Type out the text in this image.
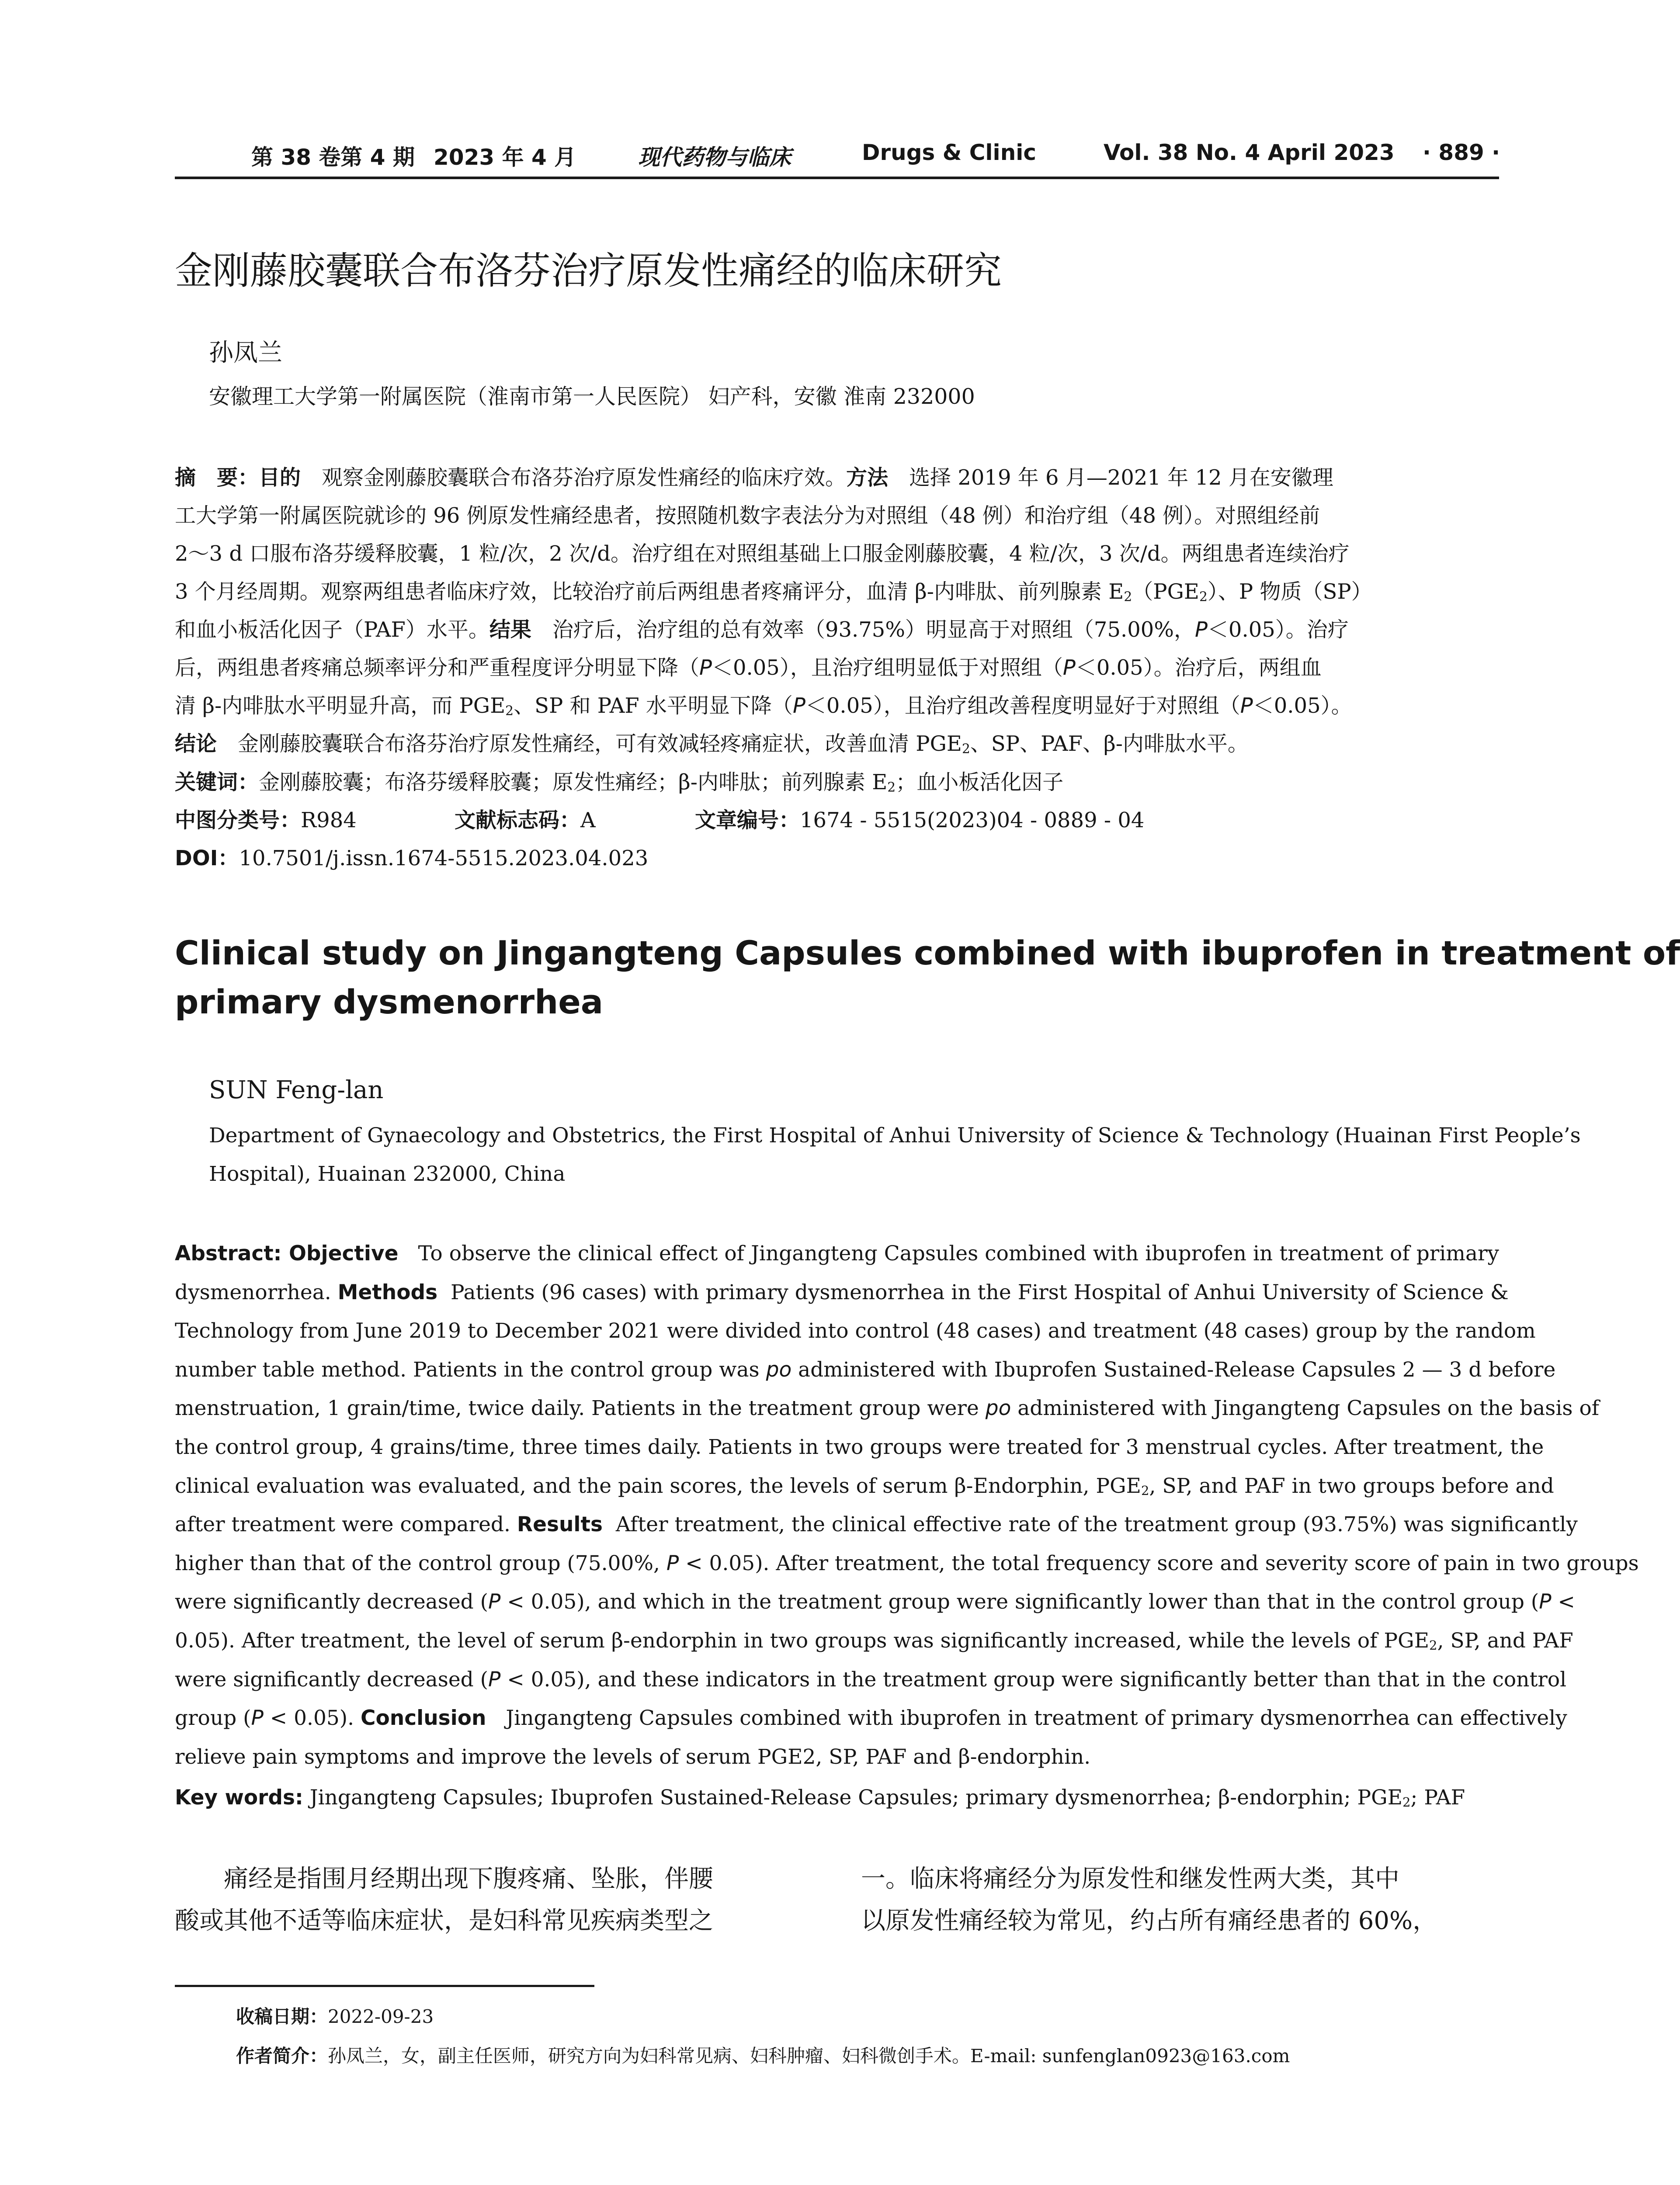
第 38 卷第 4 期 2023 年 4 月	现代药物与临床	Drugs & Clinic	Vol. 38 No. 4 April 2023 · 889 ·
金刚藤胶囊联合布洛芬治疗原发性痛经的临床研究
孙凤兰
安徽理工大学第一附属医院（淮南市第一人民医院） 妇产科，安徽 淮南 232000
摘　要：目的　 观察金刚藤胶囊联合布洛芬治疗原发性痛经的临床疗效。方法　 选择 2019 年 6 月—2021 年 12 月在安徽理
工大学第一附属医院就诊的 96 例原发性痛经患者，按照随机数字表法分为对照组（48 例）和治疗组（48 例）。对照组经前
2～3 d 口服布洛芬缓释胶囊，1 粒/次，2 次/d。治疗组在对照组基础上口服金刚藤胶囊，4 粒/次，3 次/d。两组患者连续治疗
3 个月经周期。观察两组患者临床疗效，比较治疗前后两组患者疼痛评分，血清 β-内啡肽、前列腺素 $E_2(PGE_2)$、P 物质（SP）
和血小板活化因子（PAF）水平。结果　 治疗后，治疗组的总有效率（93.75%）明显高于对照组（75.00%，P＜0.05）。治疗
后，两组患者疼痛总频率评分和严重程度评分明显下降（P＜0.05），且治疗组明显低于对照组（P＜0.05）。治疗后，两组血
清 β-内啡肽水平明显升高，而 $PGE_2$、SP 和 PAF 水平明显下降（P＜0.05），且治疗组改善程度明显好于对照组（P＜0.05）。
结论　 金刚藤胶囊联合布洛芬治疗原发性痛经，可有效减轻疼痛症状，改善血清 $PGE_2$、SP、PAF、β-内啡肽水平。
关键词：金刚藤胶囊；布洛芬缓释胶囊；原发性痛经；β-内啡肽；前列腺素 $E_2$；血小板活化因子
中图分类号：R984	文献标志码：A	文章编号：1674 - 5515(2023)04 - 0889 - 04
DOI：10.7501/j.issn.1674-5515.2023.04.023
Clinical study on Jingangteng Capsules combined with ibuprofen in treatment of
primary dysmenorrhea
SUN Feng-lan
Department of Gynaecology and Obstetrics, the First Hospital of Anhui University of Science & Technology (Huainan First People’s
Hospital), Huainan 232000, China
Abstract: Objective To observe the clinical effect of Jingangteng Capsules combined with ibuprofen in treatment of primary
dysmenorrhea. Methods Patients (96 cases) with primary dysmenorrhea in the First Hospital of Anhui University of Science &
Technology from June 2019 to December 2021 were divided into control (48 cases) and treatment (48 cases) group by the random
number table method. Patients in the control group was po administered with Ibuprofen Sustained-Release Capsules 2 — 3 d before
menstruation, 1 grain/time, twice daily. Patients in the treatment group were po administered with Jingangteng Capsules on the basis of
the control group, 4 grains/time, three times daily. Patients in two groups were treated for 3 menstrual cycles. After treatment, the
clinical evaluation was evaluated, and the pain scores, the levels of serum β-Endorphin, $PGE_2$, SP, and PAF in two groups before and
after treatment were compared. Results After treatment, the clinical effective rate of the treatment group (93.75%) was significantly
higher than that of the control group (75.00%, P < 0.05). After treatment, the total frequency score and severity score of pain in two groups
were significantly decreased (P < 0.05), and which in the treatment group were significantly lower than that in the control group (P <
0.05). After treatment, the level of serum β-endorphin in two groups was significantly increased, while the levels of $PGE_2$, SP, and PAF
were significantly decreased (P < 0.05), and these indicators in the treatment group were significantly better than that in the control
group (P < 0.05). Conclusion Jingangteng Capsules combined with ibuprofen in treatment of primary dysmenorrhea can effectively
relieve pain symptoms and improve the levels of serum PGE2, SP, PAF and β-endorphin.
Key words: Jingangteng Capsules; Ibuprofen Sustained-Release Capsules; primary dysmenorrhea; β-endorphin; $PGE_2$; PAF
痛经是指围月经期出现下腹疼痛、坠胀，伴腰
酸或其他不适等临床症状，是妇科常见疾病类型之
一。临床将痛经分为原发性和继发性两大类，其中
以原发性痛经较为常见，约占所有痛经患者的 60%，
收稿日期：2022-09-23
作者简介：孙凤兰，女，副主任医师，研究方向为妇科常见病、妇科肿瘤、妇科微创手术。E-mail: sunfenglan0923@163.com
